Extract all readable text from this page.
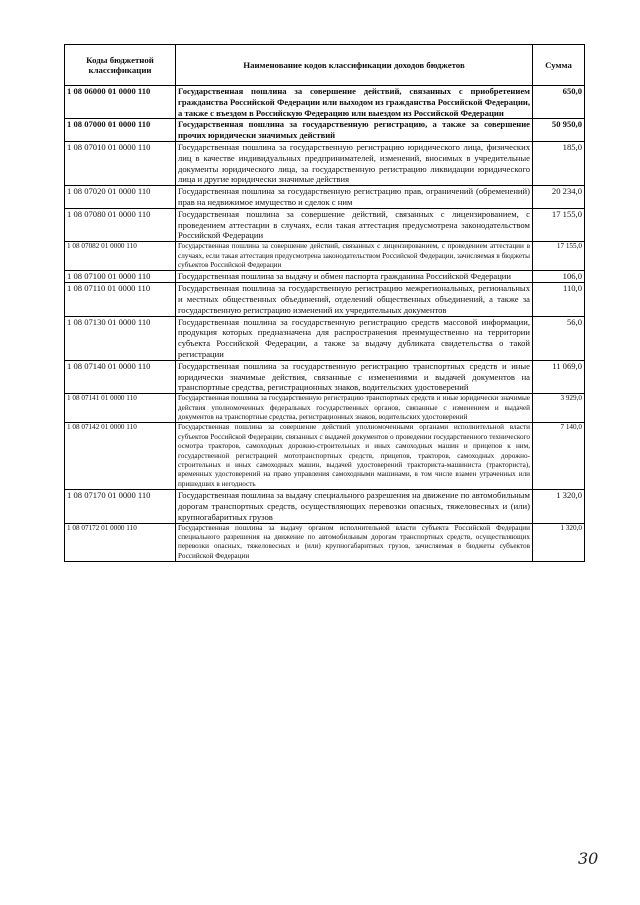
Коды бюджетной классификации	Наименование кодов классификации доходов бюджетов	Сумма
1 08 06000 01 0000 110	Государственная пошлина за совершение действий, связанных с приобретением гражданства Российской Федерации или выходом из гражданства Российской Федерации, а также с въездом в Российскую Федерацию или выездом из Российской Федерации	650,0
1 08 07000 01 0000 110	Государственная пошлина за государственную регистрацию, а также за совершение прочих юридически значимых действий	50 950,0
1 08 07010 01 0000 110	Государственная пошлина за государственную регистрацию юридического лица, физических лиц в качестве индивидуальных предпринимателей, изменений, вносимых в учредительные документы юридического лица, за государственную регистрацию ликвидации юридического лица и другие юридически значимые действия	185,0
1 08 07020 01 0000 110	Государственная пошлина за государственную регистрацию прав, ограничений (обременений) прав на недвижимое имущество и сделок с ним	20 234,0
1 08 07080 01 0000 110	Государственная пошлина за совершение действий, связанных с лицензированием, с проведением аттестации в случаях, если такая аттестация предусмотрена законодательством Российской Федерации	17 155,0
1 08 07082 01 0000 110	Государственная пошлина за совершение действий, связанных с лицензированием, с проведением аттестации в случаях, если такая аттестация предусмотрена законодательством Российской Федерации, зачисляемая в бюджеты субъектов Российской Федерации	17 155,0
1 08 07100 01 0000 110	Государственная пошлина за выдачу и обмен паспорта гражданина Российской Федерации	106,0
1 08 07110 01 0000 110	Государственная пошлина за государственную регистрацию межрегиональных, региональных и местных общественных объединений, отделений общественных объединений, а также за государственную регистрацию изменений их учредительных документов	110,0
1 08 07130 01 0000 110	Государственная пошлина за государственную регистрацию средств массовой информации, продукция которых предназначена для распространения преимущественно на территории субъекта Российской Федерации, а также за выдачу дубликата свидетельства о такой регистрации	56,0
1 08 07140 01 0000 110	Государственная пошлина за государственную регистрацию транспортных средств и иные юридически значимые действия, связанные с изменениями и выдачей документов на транспортные средства, регистрационных знаков, водительских удостоверений	11 069,0
1 08 07141 01 0000 110	Государственная пошлина за государственную регистрацию транспортных средств и иные юридически значимые действия уполномоченных федеральных государственных органов, связанные с изменением и выдачей документов на транспортные средства, регистрационных знаков, водительских удостоверений	3 929,0
1 08 07142 01 0000 110	Государственная пошлина за совершение действий уполномоченными органами исполнительной власти субъектов Российской Федерации, связанных с выдачей документов о проведении государственного технического осмотра тракторов, самоходных дорожно-строительных и иных самоходных машин и прицепов к ним, государственной регистрацией мототранспортных средств, прицепов, тракторов, самоходных дорожно-строительных и иных самоходных машин, выдачей удостоверений тракториста-машиниста (тракториста), временных удостоверений на право управления самоходными машинами, в том числе взамен утраченных или пришедших в негодность	7 140,0
1 08 07170 01 0000 110	Государственная пошлина за выдачу специального разрешения на движение по автомобильным дорогам транспортных средств, осуществляющих перевозки опасных, тяжеловесных и (или) крупногабаритных грузов	1 320,0
1 08 07172 01 0000 110	Государственная пошлина за выдачу органом исполнительной власти субъекта Российской Федерации специального разрешения на движение по автомобильным дорогам транспортных средств, осуществляющих перевозки опасных, тяжеловесных и (или) крупногабаритных грузов, зачисляемая в бюджеты субъектов Российской Федерации	1 320,0
30
